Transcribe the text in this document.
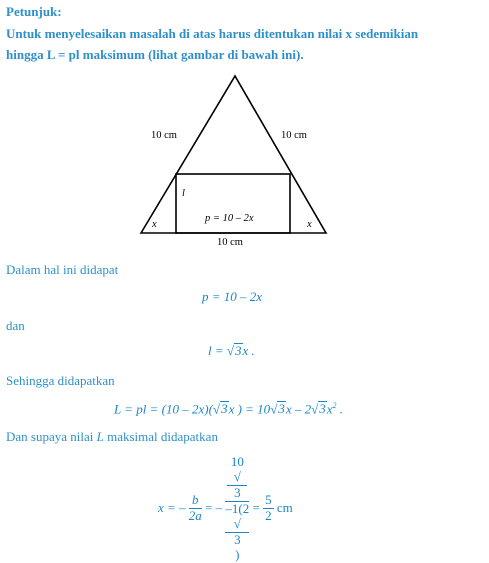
Petunjuk:
Untuk menyelesaikan masalah di atas harus ditentukan nilai x sedemikian
hingga L = pl maksimum (lihat gambar di bawah ini).
10 cm	10 cm
l
p = 10 – 2x
x	x
10 cm
Dalam hal ini didapat
p = 10 – 2x
dan
l = √3x .
Sehingga didapatkan
L = pl = (10 – 2x)(√3x ) = $10√3x - 2√3x^2$ .
Dan supaya nilai L maksimal didapatkan
x = – $\frac{b}{2a}$ = – 10
√
3
–1(2
√
3
) = $\frac{5}{2}$ cm
